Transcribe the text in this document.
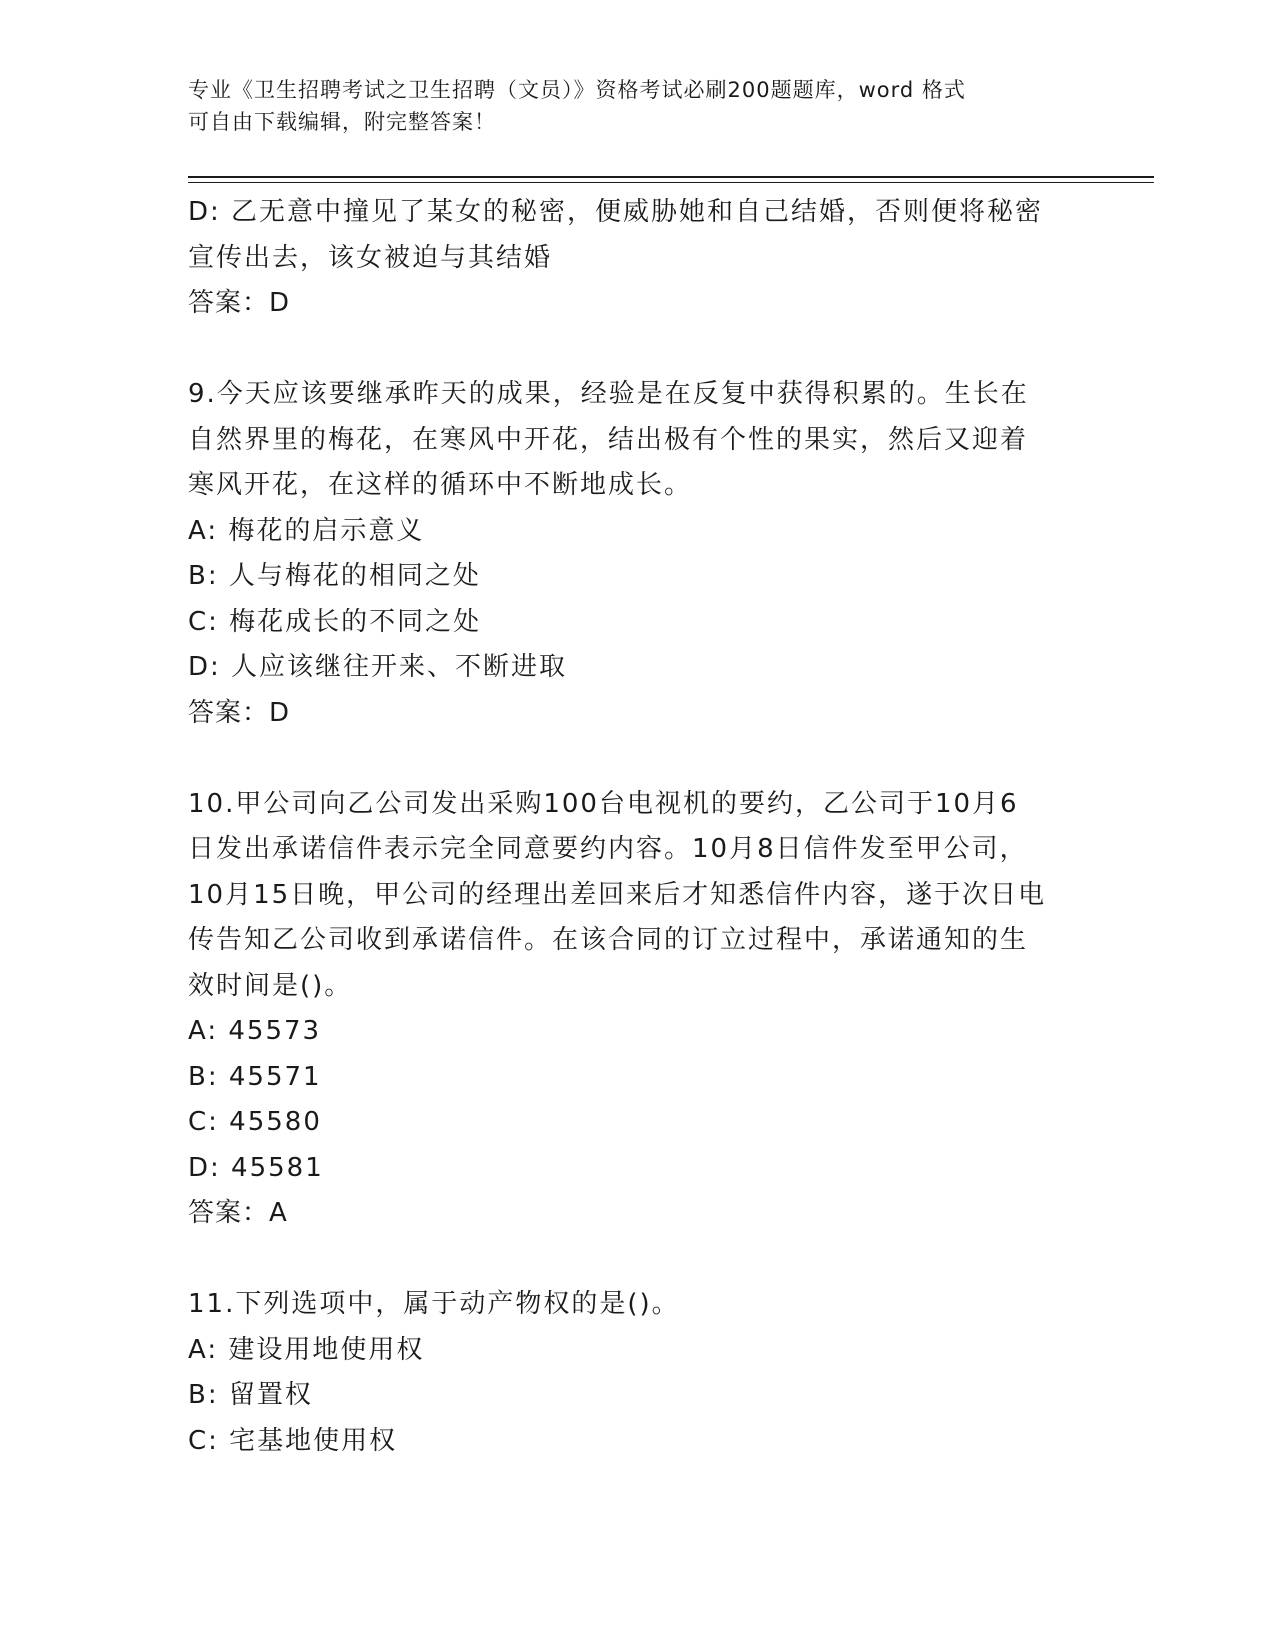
专业《卫生招聘考试之卫生招聘（文员）》资格考试必刷200题题库，word 格式
可自由下载编辑，附完整答案！

D: 乙无意中撞见了某女的秘密，便威胁她和自己结婚，否则便将秘密

宣传出去，该女被迫与其结婚

答案：D

9.今天应该要继承昨天的成果，经验是在反复中获得积累的。生长在

自然界里的梅花，在寒风中开花，结出极有个性的果实，然后又迎着

寒风开花，在这样的循环中不断地成长。

A: 梅花的启示意义

B: 人与梅花的相同之处

C: 梅花成长的不同之处

D: 人应该继往开来、不断进取

答案：D

10.甲公司向乙公司发出采购100台电视机的要约，乙公司于10月6

日发出承诺信件表示完全同意要约内容。10月8日信件发至甲公司，

10月15日晚，甲公司的经理出差回来后才知悉信件内容，遂于次日电

传告知乙公司收到承诺信件。在该合同的订立过程中，承诺通知的生

效时间是()。

A: 45573

B: 45571

C: 45580

D: 45581

答案：A

11.下列选项中，属于动产物权的是()。

A: 建设用地使用权

B: 留置权

C: 宅基地使用权
